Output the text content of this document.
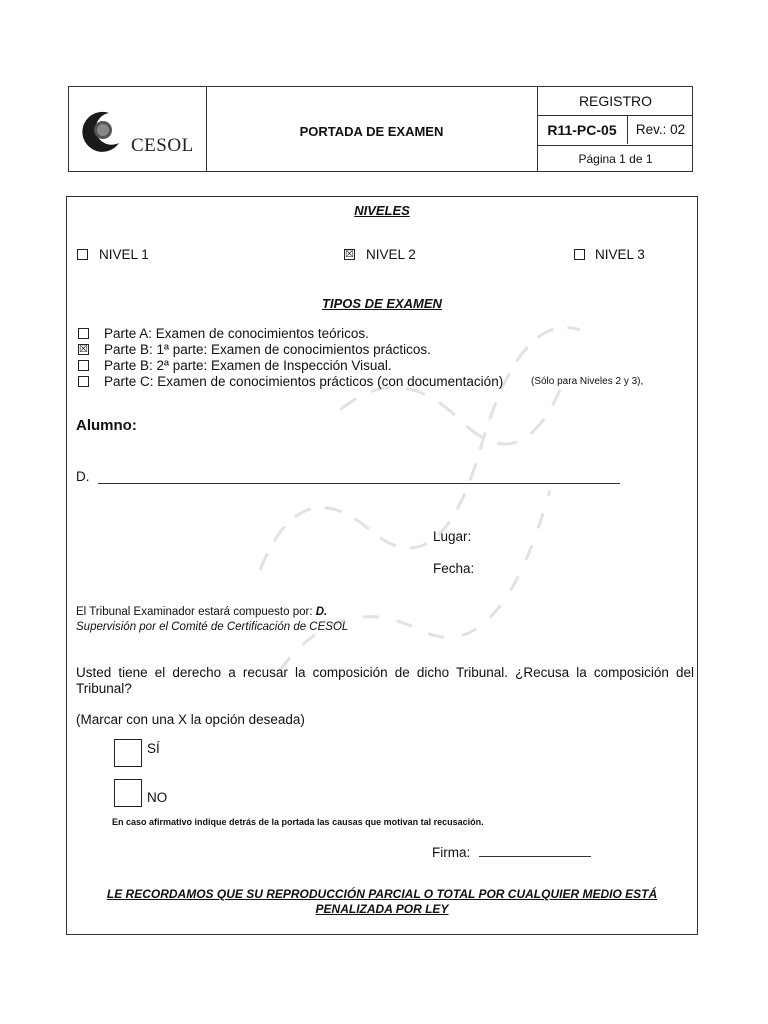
CESOL
PORTADA DE EXAMEN
REGISTRO
R11-PC-05	Rev.: 02
Página 1 de 1
NIVELES
NIVEL 1	☒ NIVEL 2	NIVEL 3
TIPOS DE EXAMEN
Parte A: Examen de conocimientos teóricos.
☒ Parte B: 1ª parte: Examen de conocimientos prácticos.
Parte B: 2ª parte: Examen de Inspección Visual.
Parte C: Examen de conocimientos prácticos (con documentación)	(Sólo para Niveles 2 y 3),
Alumno:
D.
Lugar:
Fecha:
El Tribunal Examinador estará compuesto por: D.
Supervisión por el Comité de Certificación de CESOL
Usted tiene el derecho a recusar la composición de dicho Tribunal. ¿Recusa la composición del Tribunal?
(Marcar con una X la opción deseada)
SÍ
NO
En caso afirmativo indique detrás de la portada las causas que motivan tal recusación.
Firma:
LE RECORDAMOS QUE SU REPRODUCCIÓN PARCIAL O TOTAL POR CUALQUIER MEDIO ESTÁ
PENALIZADA POR LEY
